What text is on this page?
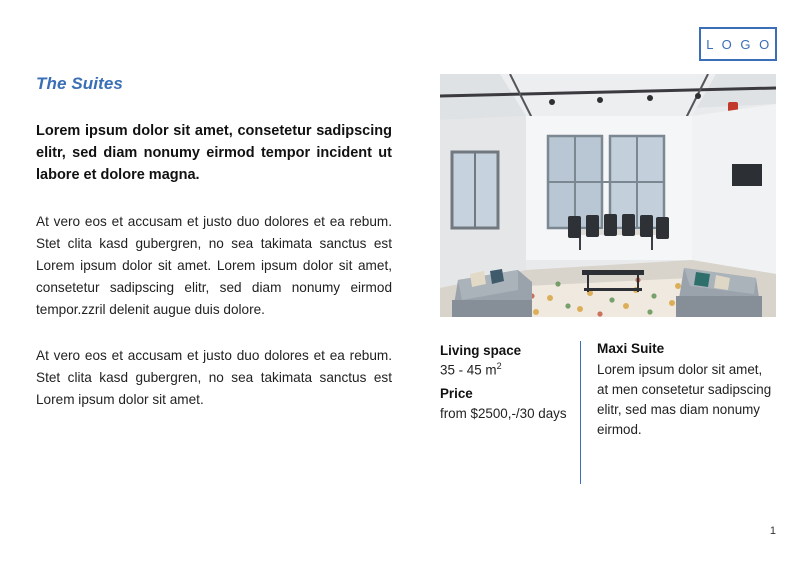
L O G O
The Suites

Lorem ipsum dolor sit amet, consetetur sadipscing elitr, sed diam nonumy eirmod tempor incident ut labore et dolore magna.

At vero eos et accusam et justo duo dolores et ea rebum. Stet clita kasd gubergren, no sea takimata sanctus est Lorem ipsum dolor sit amet. Lorem ipsum dolor sit amet, consetetur sadipscing elitr, sed diam nonumy eirmod tempor.zzril delenit augue duis dolore.

At vero eos et accusam et justo duo dolores et ea rebum. Stet clita kasd gubergren, no sea takimata sanctus est Lorem ipsum dolor sit amet.

Living space
35 - 45 $m^2$
Price
from $2500,-/30 days
Maxi Suite
Lorem ipsum dolor sit amet, at men consetetur sadipscing elitr, sed mas diam nonumy eirmod.
1
